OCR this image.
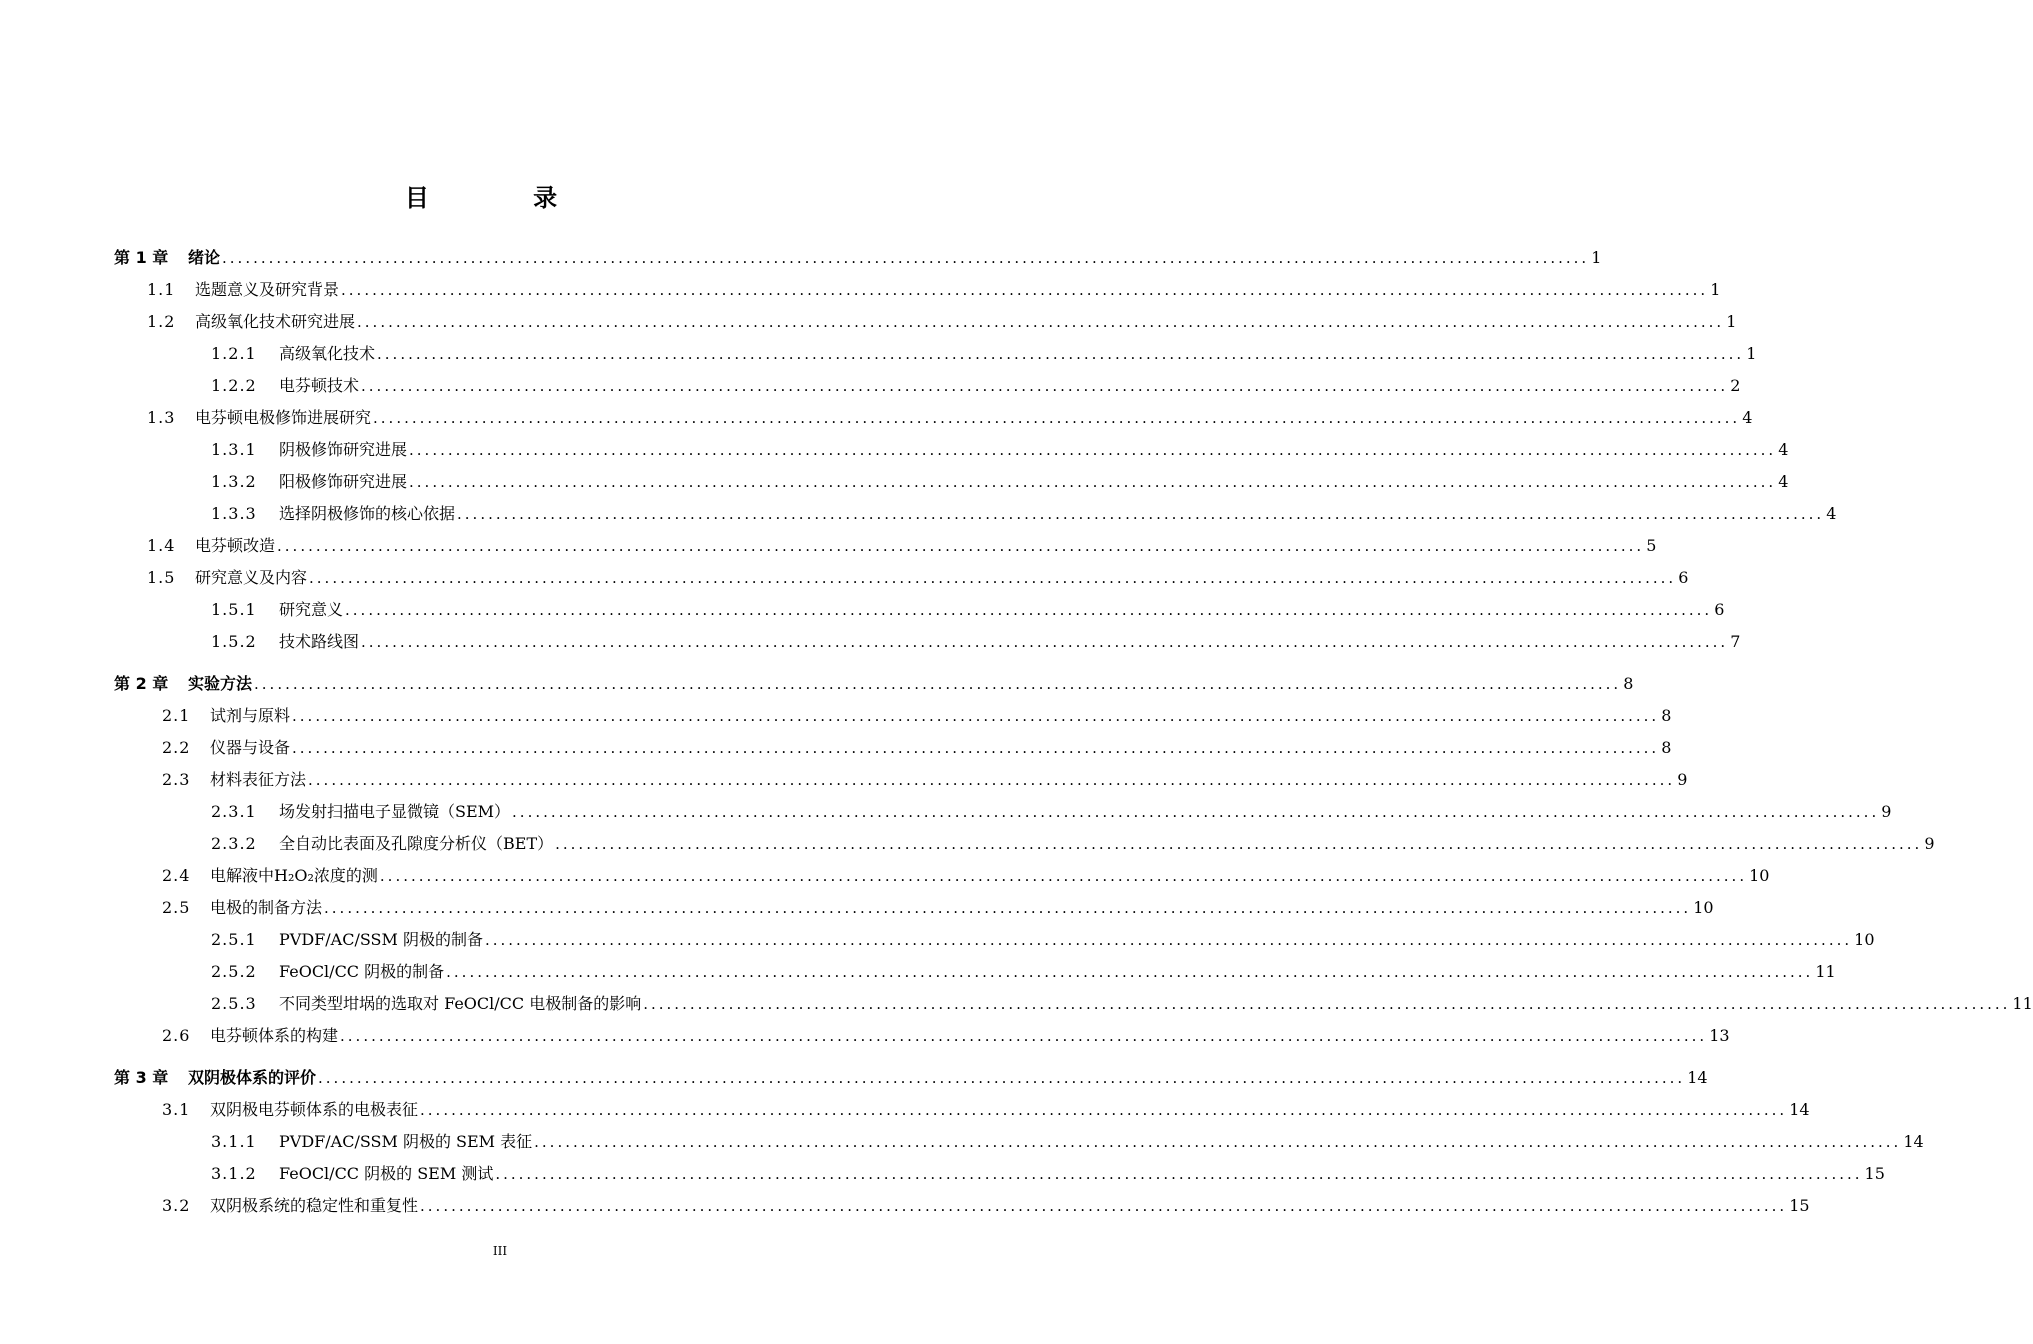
目 录
第 1 章	绪论 ................................................................................................................................................................................ 1
1.1	选题意义及研究背景 ................................................................................................................................................................................ 1
1.2	高级氧化技术研究进展 ................................................................................................................................................................................ 1
1.2.1	高级氧化技术 ................................................................................................................................................................................ 1
1.2.2	电芬顿技术 ................................................................................................................................................................................ 2
1.3	电芬顿电极修饰进展研究 ................................................................................................................................................................................ 4
1.3.1	阴极修饰研究进展 ................................................................................................................................................................................ 4
1.3.2	阳极修饰研究进展 ................................................................................................................................................................................ 4
1.3.3	选择阴极修饰的核心依据 ................................................................................................................................................................................ 4
1.4	电芬顿改造 ................................................................................................................................................................................ 5
1.5	研究意义及内容 ................................................................................................................................................................................ 6
1.5.1	研究意义 ................................................................................................................................................................................ 6
1.5.2	技术路线图 ................................................................................................................................................................................ 7
第 2 章	实验方法 ................................................................................................................................................................................ 8
2.1	试剂与原料 ................................................................................................................................................................................ 8
2.2	仪器与设备 ................................................................................................................................................................................ 8
2.3	材料表征方法 ................................................................................................................................................................................ 9
2.3.1	场发射扫描电子显微镜（SEM） ................................................................................................................................................................................ 9
2.3.2	全自动比表面及孔隙度分析仪（BET） ................................................................................................................................................................................ 9
2.4	电解液中H₂O₂浓度的测 ................................................................................................................................................................................ 10
2.5	电极的制备方法 ................................................................................................................................................................................ 10
2.5.1	PVDF/AC/SSM 阴极的制备 ................................................................................................................................................................................ 10
2.5.2	FeOCl/CC 阴极的制备 ................................................................................................................................................................................ 11
2.5.3	不同类型坩埚的选取对 FeOCl/CC 电极制备的影响 ................................................................................................................................................................................ 11
2.6	电芬顿体系的构建 ................................................................................................................................................................................ 13
第 3 章	双阴极体系的评价 ................................................................................................................................................................................ 14
3.1	双阴极电芬顿体系的电极表征 ................................................................................................................................................................................ 14
3.1.1	PVDF/AC/SSM 阴极的 SEM 表征 ................................................................................................................................................................................ 14
3.1.2	FeOCl/CC 阴极的 SEM 测试 ................................................................................................................................................................................ 15
3.2	双阴极系统的稳定性和重复性 ................................................................................................................................................................................ 15
III
